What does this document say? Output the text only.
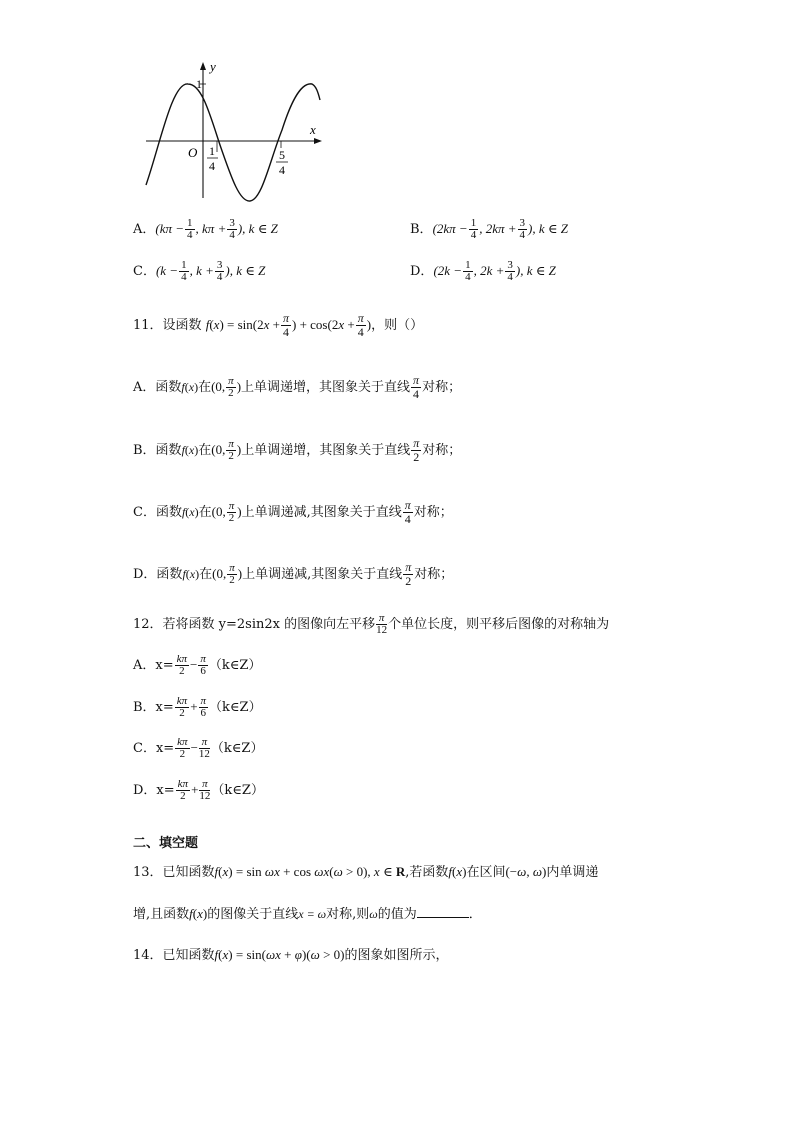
y
x
O
1
1
4
5
4
A．($k\pi - \frac{1}{4}$ , $k\pi + \frac{3}{4}$ ), k ∈ Z	B．($2k\pi - \frac{1}{4}$ , $2k\pi + \frac{3}{4}$ ), k ∈ Z
C．($k - \frac{1}{4}$ , $k + \frac{3}{4}$ ), k ∈ Z	D．($2k - \frac{1}{4}$ , $2k + \frac{3}{4}$ ), k ∈ Z
11．设函数 $f(x) = \sin(2x + \frac{\pi}{4}$ ) + $\cos(2x + \frac{\pi}{4}$ )，则（）
A．函数f(x)在(0, $\frac{\pi}{2}$ )上单调递增，其图象关于直线 $\frac{\pi}{4}$ 对称；
B．函数f(x)在(0, $\frac{\pi}{2}$ )上单调递增，其图象关于直线 $\frac{\pi}{2}$ 对称；
C．函数f(x)在(0, $\frac{\pi}{2}$ )上单调递减,其图象关于直线 $\frac{\pi}{4}$ 对称；
D．函数f(x)在(0, $\frac{\pi}{2}$ )上单调递减,其图象关于直线 $\frac{\pi}{2}$ 对称；
12．若将函数 y=2sin2x 的图像向左平移 $\frac{\pi}{12}$ 个单位长度，则平移后图像的对称轴为
A．$x= \frac{k\pi}{2} - \frac{\pi}{6}$ （k∈Z）
B．$x= \frac{k\pi}{2} + \frac{\pi}{6}$ （k∈Z）
C．$x= \frac{k\pi}{2} - \frac{\pi}{12}$ （k∈Z）
D．$x= \frac{k\pi}{2} + \frac{\pi}{12}$ （k∈Z）
二、填空题
13．已知函数f(x) = sin ωx + cos ωx(ω > 0), x ∈ R,若函数f(x)在区间(−ω, ω)内单调递
增,且函数f(x)的图像关于直线x = ω对称,则ω的值为	．
14．已知函数f(x) = sin(ωx + φ)(ω > 0)的图象如图所示，
